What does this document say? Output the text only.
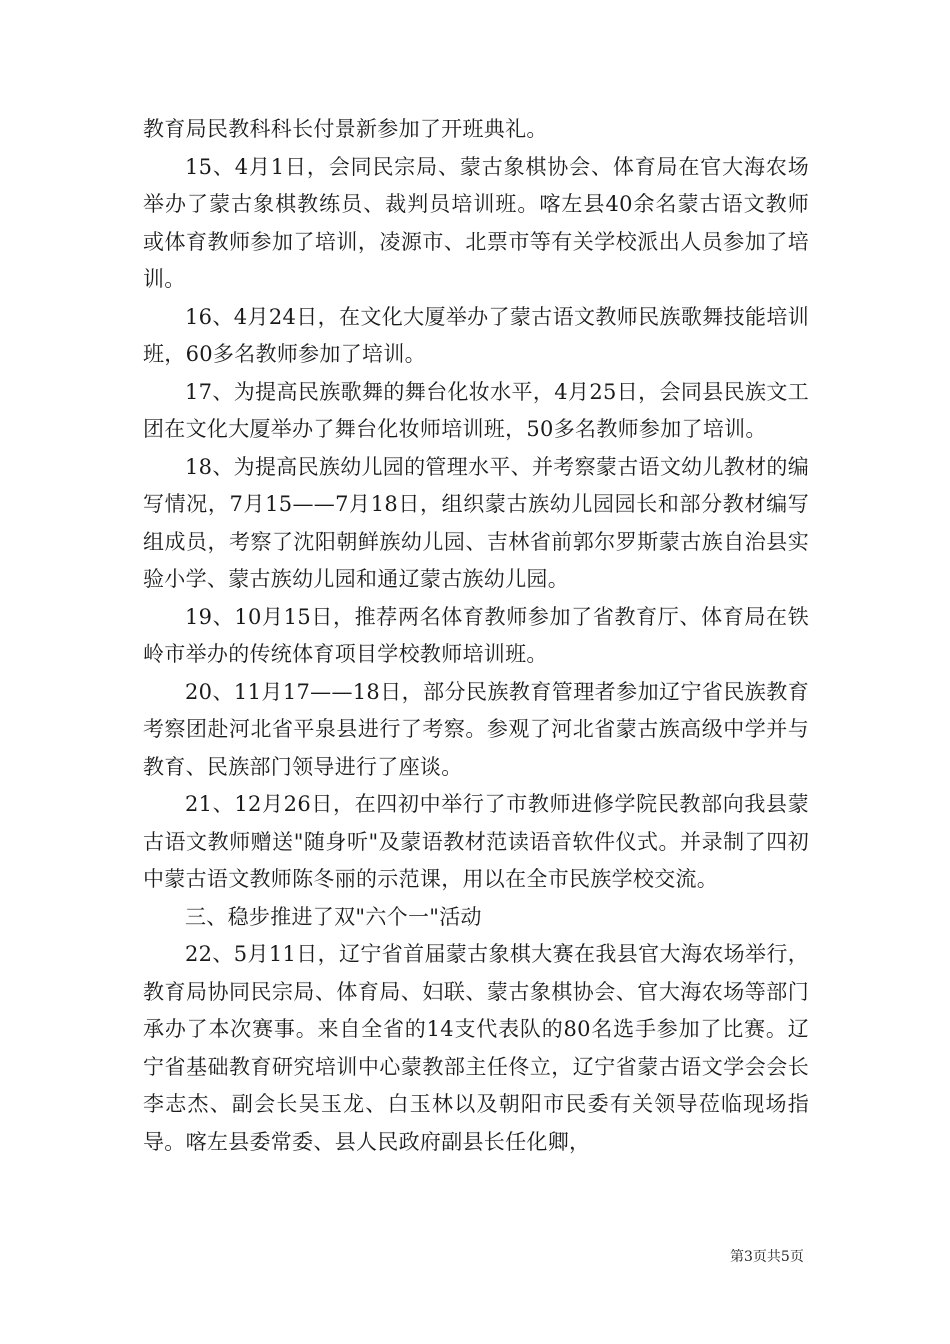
教育局民教科科长付景新参加了开班典礼。

15、4月1日，会同民宗局、蒙古象棋协会、体育局在官大海农场举办了蒙古象棋教练员、裁判员培训班。喀左县40余名蒙古语文教师或体育教师参加了培训，凌源市、北票市等有关学校派出人员参加了培训。

16、4月24日，在文化大厦举办了蒙古语文教师民族歌舞技能培训班，60多名教师参加了培训。

17、为提高民族歌舞的舞台化妆水平，4月25日，会同县民族文工团在文化大厦举办了舞台化妆师培训班，50多名教师参加了培训。

18、为提高民族幼儿园的管理水平、并考察蒙古语文幼儿教材的编写情况，7月15——7月18日，组织蒙古族幼儿园园长和部分教材编写组成员，考察了沈阳朝鲜族幼儿园、吉林省前郭尔罗斯蒙古族自治县实验小学、蒙古族幼儿园和通辽蒙古族幼儿园。

19、10月15日，推荐两名体育教师参加了省教育厅、体育局在铁岭市举办的传统体育项目学校教师培训班。

20、11月17——18日，部分民族教育管理者参加辽宁省民族教育考察团赴河北省平泉县进行了考察。参观了河北省蒙古族高级中学并与教育、民族部门领导进行了座谈。

21、12月26日，在四初中举行了市教师进修学院民教部向我县蒙古语文教师赠送"随身听"及蒙语教材范读语音软件仪式。并录制了四初中蒙古语文教师陈冬丽的示范课，用以在全市民族学校交流。

三、稳步推进了双"六个一"活动

22、5月11日，辽宁省首届蒙古象棋大赛在我县官大海农场举行，教育局协同民宗局、体育局、妇联、蒙古象棋协会、官大海农场等部门承办了本次赛事。来自全省的14支代表队的80名选手参加了比赛。辽宁省基础教育研究培训中心蒙教部主任佟立，辽宁省蒙古语文学会会长李志杰、副会长吴玉龙、白玉林以及朝阳市民委有关领导莅临现场指导。喀左县委常委、县人民政府副县长任化卿，

第3页共5页
